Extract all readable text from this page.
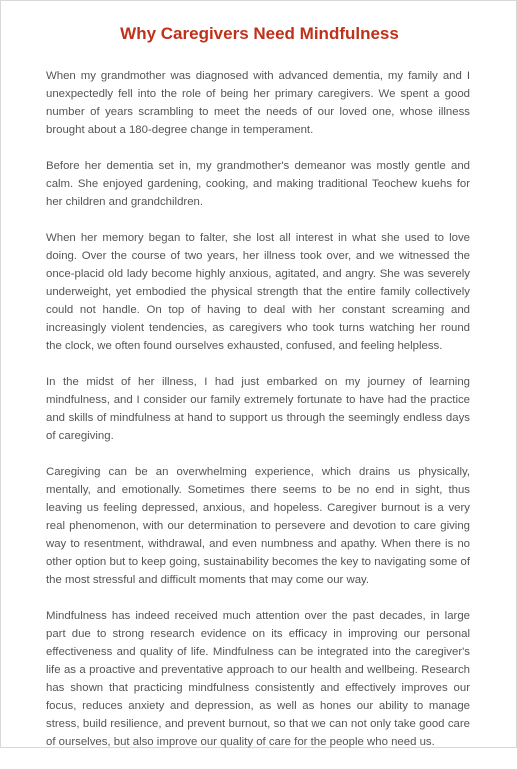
Why Caregivers Need Mindfulness

When my grandmother was diagnosed with advanced dementia, my family and I unexpectedly fell into the role of being her primary caregivers. We spent a good number of years scrambling to meet the needs of our loved one, whose illness brought about a 180-degree change in temperament.

Before her dementia set in, my grandmother's demeanor was mostly gentle and calm. She enjoyed gardening, cooking, and making traditional Teochew kuehs for her children and grandchildren.

When her memory began to falter, she lost all interest in what she used to love doing. Over the course of two years, her illness took over, and we witnessed the once-placid old lady become highly anxious, agitated, and angry. She was severely underweight, yet embodied the physical strength that the entire family collectively could not handle. On top of having to deal with her constant screaming and increasingly violent tendencies, as caregivers who took turns watching her round the clock, we often found ourselves exhausted, confused, and feeling helpless.

In the midst of her illness, I had just embarked on my journey of learning mindfulness, and I consider our family extremely fortunate to have had the practice and skills of mindfulness at hand to support us through the seemingly endless days of caregiving.

Caregiving can be an overwhelming experience, which drains us physically, mentally, and emotionally. Sometimes there seems to be no end in sight, thus leaving us feeling depressed, anxious, and hopeless. Caregiver burnout is a very real phenomenon, with our determination to persevere and devotion to care giving way to resentment, withdrawal, and even numbness and apathy. When there is no other option but to keep going, sustainability becomes the key to navigating some of the most stressful and difficult moments that may come our way.

Mindfulness has indeed received much attention over the past decades, in large part due to strong research evidence on its efficacy in improving our personal effectiveness and quality of life. Mindfulness can be integrated into the caregiver's life as a proactive and preventative approach to our health and wellbeing. Research has shown that practicing mindfulness consistently and effectively improves our focus, reduces anxiety and depression, as well as hones our ability to manage stress, build resilience, and prevent burnout, so that we can not only take good care of ourselves, but also improve our quality of care for the people who need us.
